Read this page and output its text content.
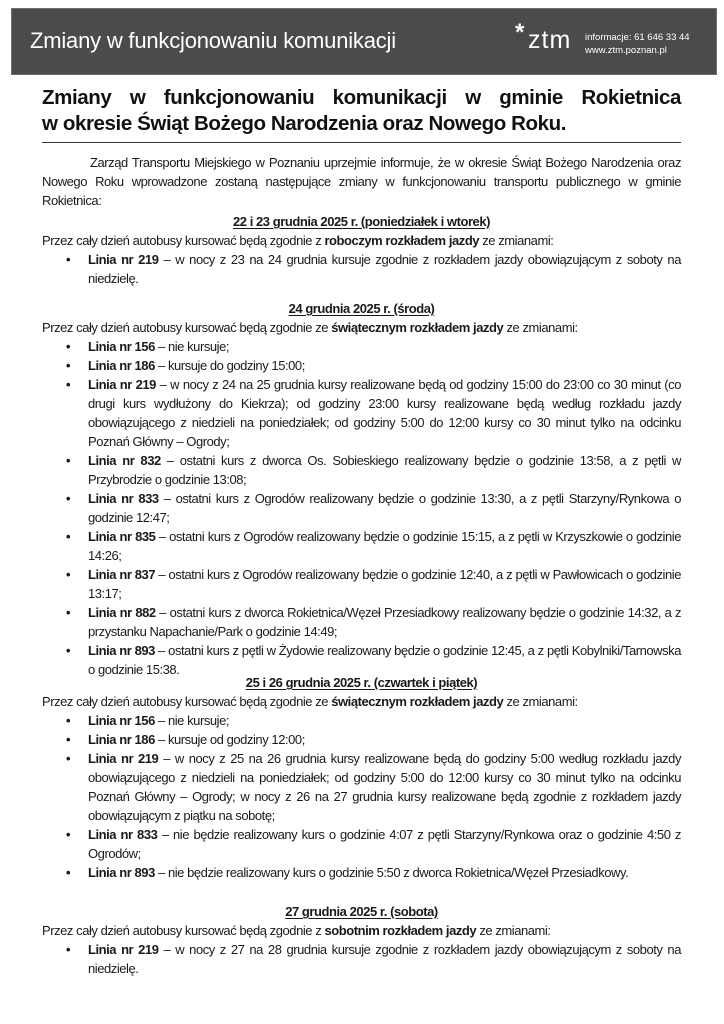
Zmiany w funkcjonowaniu komunikacji	* ztm informacje: 61 646 33 44
www.ztm.poznan.pl
Zmiany w funkcjonowaniu komunikacji w gminie Rokietnica
w okresie Świąt Bożego Narodzenia oraz Nowego Roku.
Zarząd Transportu Miejskiego w Poznaniu uprzejmie informuje, że w okresie Świąt Bożego Narodzenia oraz Nowego Roku wprowadzone zostaną następujące zmiany w funkcjonowaniu transportu publicznego w gminie Rokietnica:
22 i 23 grudnia 2025 r. (poniedziałek i wtorek)
Przez cały dzień autobusy kursować będą zgodnie z roboczym rozkładem jazdy ze zmianami:
• Linia nr 219 – w nocy z 23 na 24 grudnia kursuje zgodnie z rozkładem jazdy obowiązującym z soboty na niedzielę.
24 grudnia 2025 r. (środa)
Przez cały dzień autobusy kursować będą zgodnie ze świątecznym rozkładem jazdy ze zmianami:
• Linia nr 156 – nie kursuje;
• Linia nr 186 – kursuje do godziny 15:00;
• Linia nr 219 – w nocy z 24 na 25 grudnia kursy realizowane będą od godziny 15:00 do 23:00 co 30 minut (co drugi kurs wydłużony do Kiekrza); od godziny 23:00 kursy realizowane będą według rozkładu jazdy obowiązującego z niedzieli na poniedziałek; od godziny 5:00 do 12:00 kursy co 30 minut tylko na odcinku Poznań Główny – Ogrody;
• Linia nr 832 – ostatni kurs z dworca Os. Sobieskiego realizowany będzie o godzinie 13:58, a z pętli w Przybrodzie o godzinie 13:08;
• Linia nr 833 – ostatni kurs z Ogrodów realizowany będzie o godzinie 13:30, a z pętli Starzyny/Rynkowa o godzinie 12:47;
• Linia nr 835 – ostatni kurs z Ogrodów realizowany będzie o godzinie 15:15, a z pętli w Krzyszkowie o godzinie 14:26;
• Linia nr 837 – ostatni kurs z Ogrodów realizowany będzie o godzinie 12:40, a z pętli w Pawłowicach o godzinie 13:17;
• Linia nr 882 – ostatni kurs z dworca Rokietnica/Węzeł Przesiadkowy realizowany będzie o godzinie 14:32, a z przystanku Napachanie/Park o godzinie 14:49;
• Linia nr 893 – ostatni kurs z pętli w Żydowie realizowany będzie o godzinie 12:45, a z pętli Kobylniki/Tarnowska o godzinie 15:38.
25 i 26 grudnia 2025 r. (czwartek i piątek)
Przez cały dzień autobusy kursować będą zgodnie ze świątecznym rozkładem jazdy ze zmianami:
• Linia nr 156 – nie kursuje;
• Linia nr 186 – kursuje od godziny 12:00;
• Linia nr 219 – w nocy z 25 na 26 grudnia kursy realizowane będą do godziny 5:00 według rozkładu jazdy obowiązującego z niedzieli na poniedziałek; od godziny 5:00 do 12:00 kursy co 30 minut tylko na odcinku Poznań Główny – Ogrody; w nocy z 26 na 27 grudnia kursy realizowane będą zgodnie z rozkładem jazdy obowiązującym z piątku na sobotę;
• Linia nr 833 – nie będzie realizowany kurs o godzinie 4:07 z pętli Starzyny/Rynkowa oraz o godzinie 4:50 z Ogrodów;
• Linia nr 893 – nie będzie realizowany kurs o godzinie 5:50 z dworca Rokietnica/Węzeł Przesiadkowy.
27 grudnia 2025 r. (sobota)
Przez cały dzień autobusy kursować będą zgodnie z sobotnim rozkładem jazdy ze zmianami:
• Linia nr 219 – w nocy z 27 na 28 grudnia kursuje zgodnie z rozkładem jazdy obowiązującym z soboty na niedzielę.
